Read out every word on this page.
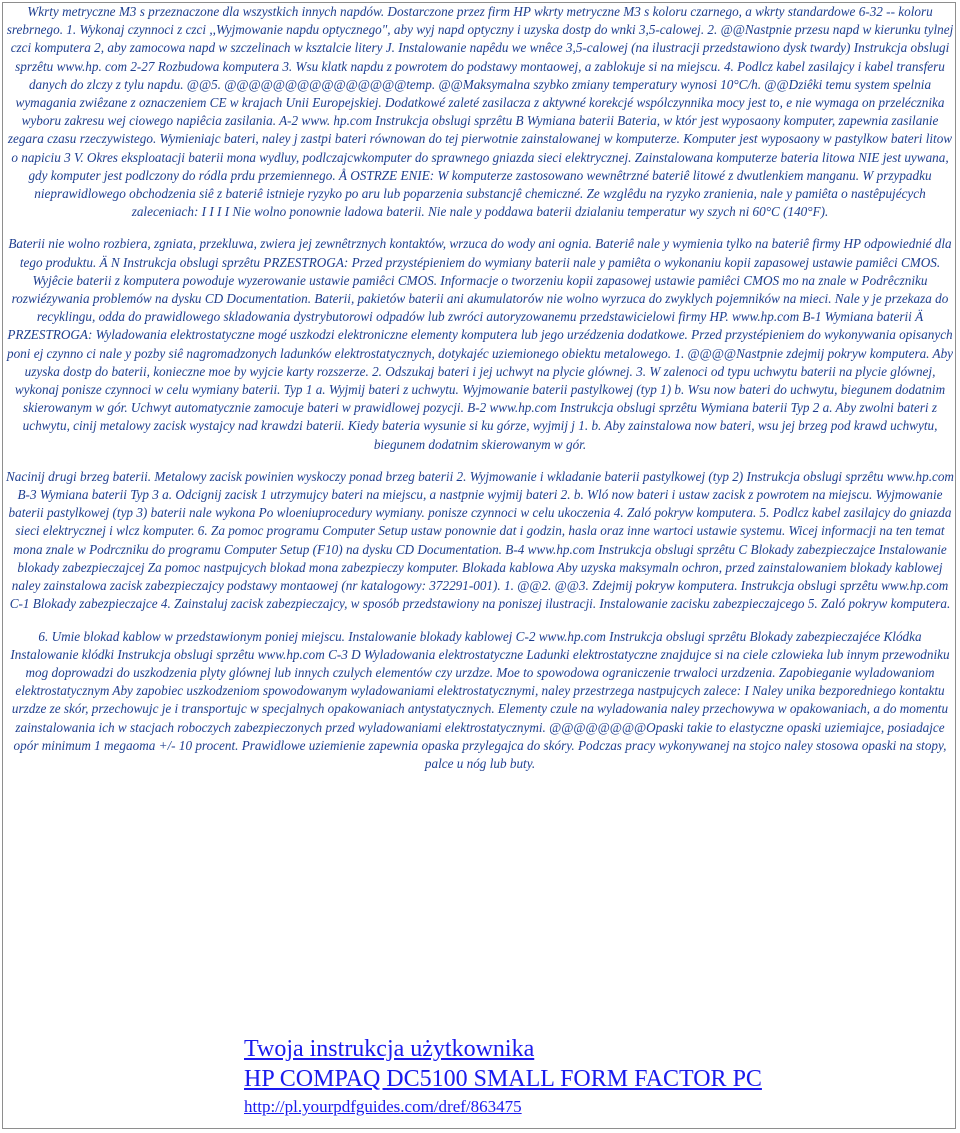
Wkrty metryczne M3 s przeznaczone dla wszystkich innych napdów. Dostarczone przez firm HP wkrty metryczne M3 s koloru czarnego, a wkrty standardowe 6-32 -- koloru srebrnego. 1. Wykonaj czynnoci z czci ,,Wyjmowanie napdu optycznego", aby wyj napd optyczny i uzyska dostp do wnki 3,5-calowej. 2. @@Nastpnie przesu napd w kierunku tylnej czci komputera 2, aby zamocowa napd w szczelinach w ksztalcie litery J. Instalowanie napêdu we wnêce 3,5-calowej (na ilustracji przedstawiono dysk twardy) Instrukcja obslugi sprzêtu www.hp. com 2-27 Rozbudowa komputera 3. Wsu klatk napdu z powrotem do podstawy montaowej, a zablokuje si na miejscu. 4. Podlcz kabel zasilajcy i kabel transferu danych do zlczy z tylu napdu. @@5. @@@@@@@@@@@@@@@temp. @@Maksymalna szybko zmiany temperatury wynosi 10°C/h. @@Dziêki temu system spelnia wymagania zwiêzane z oznaczeniem CE w krajach Unii Europejskiej. Dodatkowé zaleté zasilacza z aktywné korekcjé wspólczynnika mocy jest to, e nie wymaga on przelécznika wyboru zakresu wej ciowego napiêcia zasilania. A-2 www. hp.com Instrukcja obslugi sprzêtu B Wymiana baterii Bateria, w któr jest wyposaony komputer, zapewnia zasilanie zegara czasu rzeczywistego. Wymieniajc bateri, naley j zastpi bateri równowan do tej pierwotnie zainstalowanej w komputerze. Komputer jest wyposaony w pastylkow bateri litow o napiciu 3 V. Okres eksploatacji baterii mona wydluy, podlczajcwkomputer do sprawnego gniazda sieci elektrycznej. Zainstalowana komputerze bateria litowa NIE jest uywana, gdy komputer jest podlczony do ródla prdu przemiennego. Å OSTRZE ENIE: W komputerze zastosowano wewnêtrzné bateriê litowé z dwutlenkiem manganu. W przypadku nieprawidlowego obchodzenia siê z bateriê istnieje ryzyko po aru lub poparzenia substancjê chemiczné. Ze wzglêdu na ryzyko zranienia, nale y pamiêta o nastêpujécych zaleceniach: I I I I Nie wolno ponownie ladowa baterii. Nie nale y poddawa baterii dzialaniu temperatur wy szych ni 60°C (140°F).

Baterii nie wolno rozbiera, zgniata, przekluwa, zwiera jej zewnêtrznych kontaktów, wrzuca do wody ani ognia. Bateriê nale y wymienia tylko na bateriê firmy HP odpowiednié dla tego produktu. Ä N Instrukcja obslugi sprzêtu PRZESTROGA: Przed przystépieniem do wymiany baterii nale y pamiêta o wykonaniu kopii zapasowej ustawie pamiêci CMOS. Wyjêcie baterii z komputera powoduje wyzerowanie ustawie pamiêci CMOS. Informacje o tworzeniu kopii zapasowej ustawie pamiêci CMOS mo na znale w Podrêczniku rozwiézywania problemów na dysku CD Documentation. Baterii, pakietów baterii ani akumulatorów nie wolno wyrzuca do zwyklych pojemników na mieci. Nale y je przekaza do recyklingu, odda do prawidlowego skladowania dystrybutorowi odpadów lub zwróci autoryzowanemu przedstawicielowi firmy HP. www.hp.com B-1 Wymiana baterii Ä PRZESTROGA: Wyladowania elektrostatyczne mogé uszkodzi elektroniczne elementy komputera lub jego urzédzenia dodatkowe. Przed przystépieniem do wykonywania opisanych poni ej czynno ci nale y pozby siê nagromadzonych ladunków elektrostatycznych, dotykajéc uziemionego obiektu metalowego. 1. @@@@Nastpnie zdejmij pokryw komputera. Aby uzyska dostp do baterii, konieczne moe by wyjcie karty rozszerze. 2. Odszukaj bateri i jej uchwyt na plycie glównej. 3. W zalenoci od typu uchwytu baterii na plycie glównej, wykonaj ponisze czynnoci w celu wymiany baterii. Typ 1 a. Wyjmij bateri z uchwytu. Wyjmowanie baterii pastylkowej (typ 1) b. Wsu now bateri do uchwytu, biegunem dodatnim skierowanym w gór. Uchwyt automatycznie zamocuje bateri w prawidlowej pozycji. B-2 www.hp.com Instrukcja obslugi sprzêtu Wymiana baterii Typ 2 a. Aby zwolni bateri z uchwytu, cinij metalowy zacisk wystajcy nad krawdzi baterii. Kiedy bateria wysunie si ku górze, wyjmij j 1. b. Aby zainstalowa now bateri, wsu jej brzeg pod krawd uchwytu, biegunem dodatnim skierowanym w gór.

Nacinij drugi brzeg baterii. Metalowy zacisk powinien wyskoczy ponad brzeg baterii 2. Wyjmowanie i wkladanie baterii pastylkowej (typ 2) Instrukcja obslugi sprzêtu www.hp.com B-3 Wymiana baterii Typ 3 a. Odcignij zacisk 1 utrzymujcy bateri na miejscu, a nastpnie wyjmij bateri 2. b. Wló now bateri i ustaw zacisk z powrotem na miejscu. Wyjmowanie baterii pastylkowej (typ 3) baterii nale wykona Po wloeniuprocedury wymiany. ponisze czynnoci w celu ukoczenia 4. Zaló pokryw komputera. 5. Podlcz kabel zasilajcy do gniazda sieci elektrycznej i wlcz komputer. 6. Za pomoc programu Computer Setup ustaw ponownie dat i godzin, hasla oraz inne wartoci ustawie systemu. Wicej informacji na ten temat mona znale w Podrczniku do programu Computer Setup (F10) na dysku CD Documentation. B-4 www.hp.com Instrukcja obslugi sprzêtu C Blokady zabezpieczajce Instalowanie blokady zabezpieczajcej Za pomoc nastpujcych blokad mona zabezpieczy komputer. Blokada kablowa Aby uzyska maksymaln ochron, przed zainstalowaniem blokady kablowej naley zainstalowa zacisk zabezpieczajcy podstawy montaowej (nr katalogowy: 372291-001). 1. @@2. @@3. Zdejmij pokryw komputera. Instrukcja obslugi sprzêtu www.hp.com C-1 Blokady zabezpieczajce 4. Zainstaluj zacisk zabezpieczajcy, w sposób przedstawiony na poniszej ilustracji. Instalowanie zacisku zabezpieczajcego 5. Zaló pokryw komputera.

6. Umie blokad kablow w przedstawionym poniej miejscu. Instalowanie blokady kablowej C-2 www.hp.com Instrukcja obslugi sprzêtu Blokady zabezpieczajéce Klódka Instalowanie klódki Instrukcja obslugi sprzêtu www.hp.com C-3 D Wyladowania elektrostatyczne Ladunki elektrostatyczne znajdujce si na ciele czlowieka lub innym przewodniku mog doprowadzi do uszkodzenia plyty glównej lub innych czulych elementów czy urzdze. Moe to spowodowa ograniczenie trwaloci urzdzenia. Zapobieganie wyladowaniom elektrostatycznym Aby zapobiec uszkodzeniom spowodowanym wyladowaniami elektrostatycznymi, naley przestrzega nastpujcych zalece: I Naley unika bezporedniego kontaktu urzdze ze skór, przechowujc je i transportujc w specjalnych opakowaniach antystatycznych. Elementy czule na wyladowania naley przechowywa w opakowaniach, a do momentu zainstalowania ich w stacjach roboczych zabezpieczonych przed wyladowaniami elektrostatycznymi. @@@@@@@@Opaski takie to elastyczne opaski uziemiajce, posiadajce opór minimum 1 megaoma +/- 10 procent. Prawidlowe uziemienie zapewnia opaska przylegajca do skóry. Podczas pracy wykonywanej na stojco naley stosowa opaski na stopy, palce u nóg lub buty.

Twoja instrukcja użytkownika
HP COMPAQ DC5100 SMALL FORM FACTOR PC
http://pl.yourpdfguides.com/dref/863475
